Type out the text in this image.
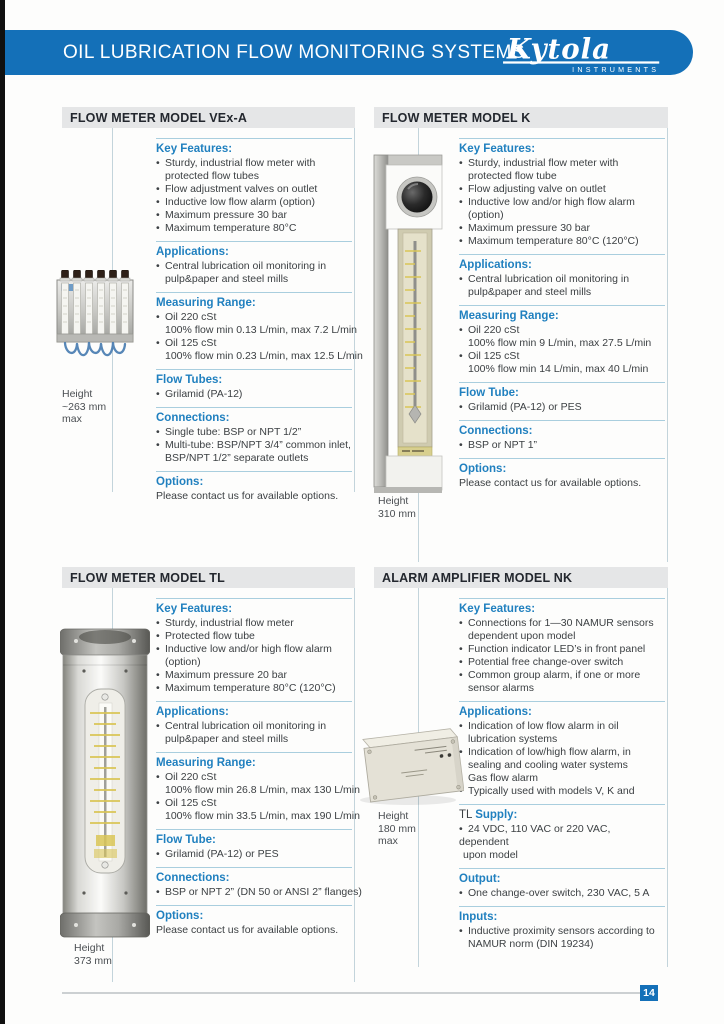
OIL LUBRICATION FLOW MONITORING SYSTEMS
Kytola
INSTRUMENTS
FLOW METER MODEL VEx-A
Height
~263 mm
max
Key Features:
• Sturdy, industrial flow meter with
protected flow tubes
• Flow adjustment valves on outlet
• Inductive low flow alarm (option)
• Maximum pressure 30 bar
• Maximum temperature 80°C
Applications:
• Central lubrication oil monitoring in
pulp&paper and steel mills
Measuring Range:
• Oil 220 cSt
100% flow min 0.13 L/min, max 7.2 L/min
• Oil 125 cSt
100% flow min 0.23 L/min, max 12.5 L/min
Flow Tubes:
• Grilamid (PA-12)
Connections:
• Single tube: BSP or NPT 1/2”
• Multi-tube: BSP/NPT 3/4” common inlet,
BSP/NPT 1/2” separate outlets
Options:
Please contact us for available options.
FLOW METER MODEL K
Height
310 mm
Key Features:
• Sturdy, industrial flow meter with
protected flow tube
• Flow adjusting valve on outlet
• Inductive low and/or high flow alarm
(option)
• Maximum pressure 30 bar
• Maximum temperature 80°C (120°C)
Applications:
• Central lubrication oil monitoring in
pulp&paper and steel mills
Measuring Range:
• Oil 220 cSt
100% flow min 9 L/min, max 27.5 L/min
• Oil 125 cSt
100% flow min 14 L/min, max 40 L/min
Flow Tube:
• Grilamid (PA-12) or PES
Connections:
• BSP or NPT 1”
Options:
Please contact us for available options.
FLOW METER MODEL TL
Height
373 mm
Key Features:
• Sturdy, industrial flow meter
• Protected flow tube
• Inductive low and/or high flow alarm
(option)
• Maximum pressure 20 bar
• Maximum temperature 80°C (120°C)
Applications:
• Central lubrication oil monitoring in
pulp&paper and steel mills
Measuring Range:
• Oil 220 cSt
100% flow min 26.8 L/min, max 130 L/min
• Oil 125 cSt
100% flow min 33.5 L/min, max 190 L/min
Flow Tube:
• Grilamid (PA-12) or PES
Connections:
• BSP or NPT 2” (DN 50 or ANSI 2” flanges)
Options:
Please contact us for available options.
ALARM AMPLIFIER MODEL NK
Height
180 mm
max
Key Features:
• Connections for 1—30 NAMUR sensors
dependent upon model
• Function indicator LED’s in front panel
• Potential free change-over switch
• Common group alarm, if one or more
sensor alarms
Applications:
• Indication of low flow alarm in oil
lubrication systems
• Indication of low/high flow alarm, in
sealing and cooling water systems
Gas flow alarm
Typically used with models V, K and
TL Supply:
• 24 VDC, 110 VAC or 220 VAC,
dependent
upon model
Output:
• One change-over switch, 230 VAC, 5 A
Inputs:
• Inductive proximity sensors according to
NAMUR norm (DIN 19234)
14
